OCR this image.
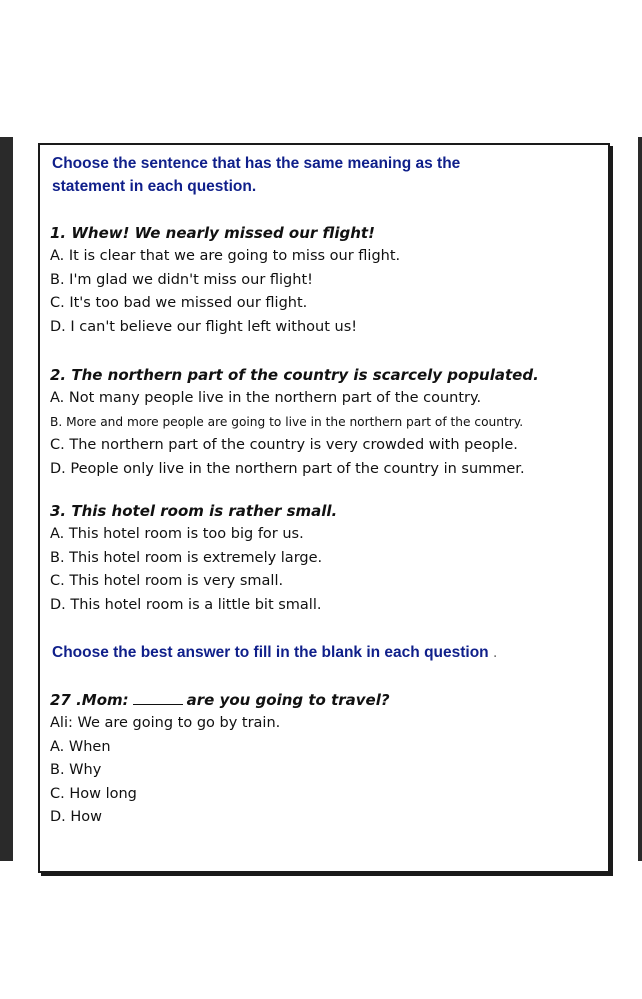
Choose the sentence that has the same meaning as the
statement in each question.

1. Whew! We nearly missed our flight!
A. It is clear that we are going to miss our flight.
B. I'm glad we didn't miss our flight!
C. It's too bad we missed our flight.
D. I can't believe our flight left without us!
2. The northern part of the country is scarcely populated.
A. Not many people live in the northern part of the country.
B. More and more people are going to live in the northern part of the country.
C. The northern part of the country is very crowded with people.
D. People only live in the northern part of the country in summer.
3. This hotel room is rather small.
A. This hotel room is too big for us.
B. This hotel room is extremely large.
C. This hotel room is very small.
D. This hotel room is a little bit small.

Choose the best answer to fill in the blank in each question .

27 .Mom:	are you going to travel?
Ali: We are going to go by train.
A. When
B. Why
C. How long
D. How
